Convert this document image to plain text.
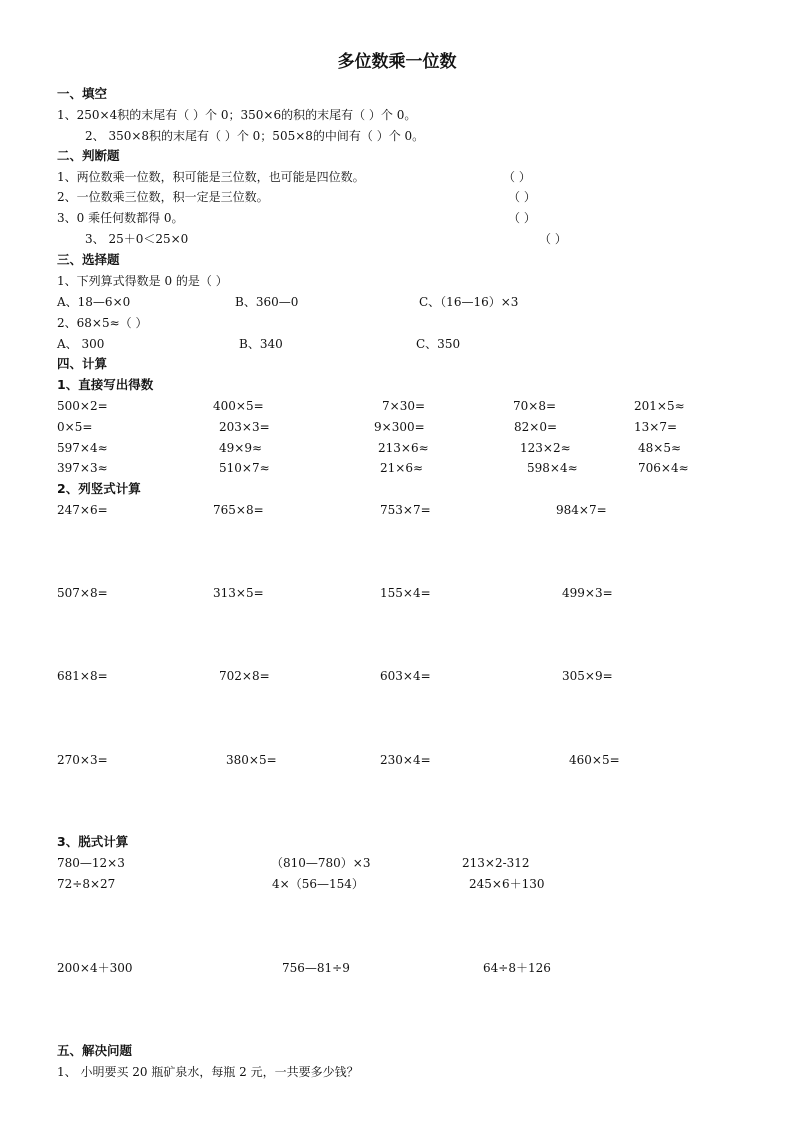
多位数乘一位数
一、填空
1、250×4积的末尾有（ ）个 0；350×6的积的末尾有（ ）个 0。
2、 350×8积的末尾有（ ）个 0；505×8的中间有（ ）个 0。
二、判断题
1、两位数乘一位数，积可能是三位数，也可能是四位数。	（ ）
2、一位数乘三位数，积一定是三位数。	（ ）
3、0 乘任何数都得 0。	（ ）
3、 25＋0＜25×0	（ ）
三、选择题
1、下列算式得数是 0 的是（ ）
A、18—6×0	B、360—0	C、（16—16）×3
2、68×5≈（ ）
A、 300	B、340	C、350
四、计算
1、直接写出得数
500×2=	400×5=	7×30=	70×8=	201×5≈
0×5=	203×3=	9×300=	82×0=	13×7=
597×4≈	49×9≈	213×6≈	123×2≈	48×5≈
397×3≈	510×7≈	21×6≈	598×4≈	706×4≈
2、列竖式计算
247×6=	765×8=	753×7=	984×7=
507×8=	313×5=	155×4=	499×3=
681×8=	702×8=	603×4=	305×9=
270×3=	380×5=	230×4=	460×5=
3、脱式计算
780—12×3	（810—780）×3	213×2-312
72÷8×27	4×（56—154）	245×6＋130
200×4＋300	756—81÷9	64÷8＋126
五、解决问题
1、 小明要买 20 瓶矿泉水，每瓶 2 元，一共要多少钱？
